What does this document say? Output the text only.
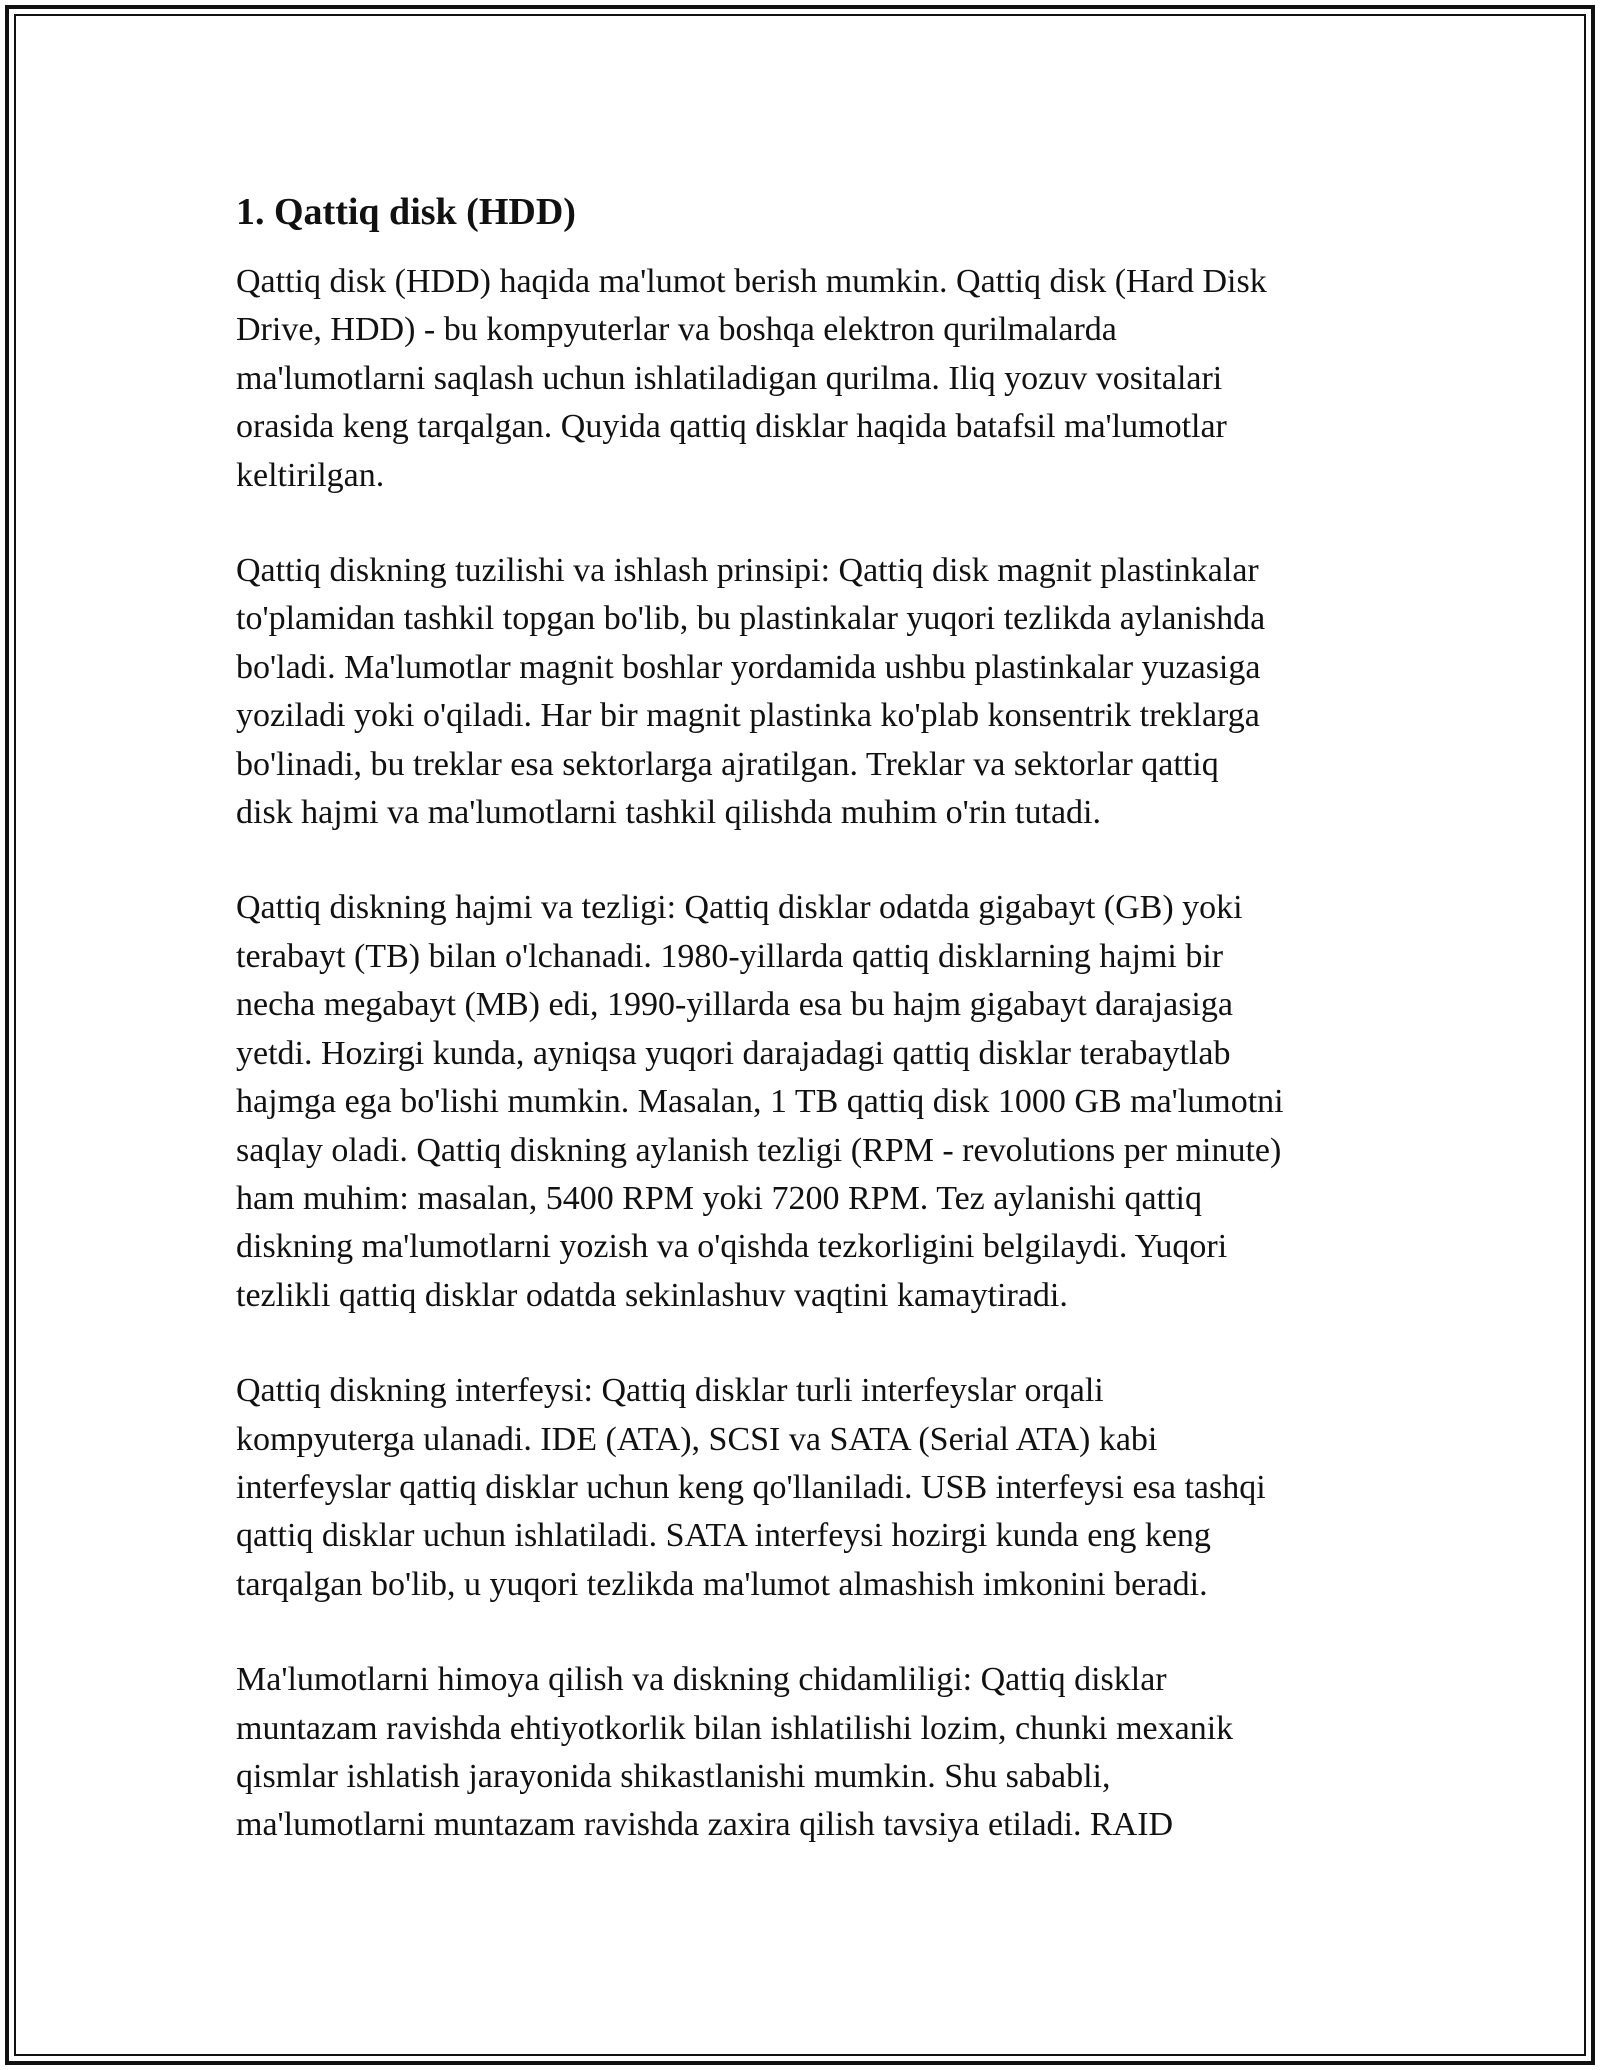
1. Qattiq disk (HDD)

Qattiq disk (HDD) haqida ma'lumot berish mumkin. Qattiq disk (Hard Disk
Drive, HDD) - bu kompyuterlar va boshqa elektron qurilmalarda
ma'lumotlarni saqlash uchun ishlatiladigan qurilma. Iliq yozuv vositalari
orasida keng tarqalgan. Quyida qattiq disklar haqida batafsil ma'lumotlar
keltirilgan.

Qattiq diskning tuzilishi va ishlash prinsipi: Qattiq disk magnit plastinkalar
to'plamidan tashkil topgan bo'lib, bu plastinkalar yuqori tezlikda aylanishda
bo'ladi. Ma'lumotlar magnit boshlar yordamida ushbu plastinkalar yuzasiga
yoziladi yoki o'qiladi. Har bir magnit plastinka ko'plab konsentrik treklarga
bo'linadi, bu treklar esa sektorlarga ajratilgan. Treklar va sektorlar qattiq
disk hajmi va ma'lumotlarni tashkil qilishda muhim o'rin tutadi.

Qattiq diskning hajmi va tezligi: Qattiq disklar odatda gigabayt (GB) yoki
terabayt (TB) bilan o'lchanadi. 1980-yillarda qattiq disklarning hajmi bir
necha megabayt (MB) edi, 1990-yillarda esa bu hajm gigabayt darajasiga
yetdi. Hozirgi kunda, ayniqsa yuqori darajadagi qattiq disklar terabaytlab
hajmga ega bo'lishi mumkin. Masalan, 1 TB qattiq disk 1000 GB ma'lumotni
saqlay oladi. Qattiq diskning aylanish tezligi (RPM - revolutions per minute)
ham muhim: masalan, 5400 RPM yoki 7200 RPM. Tez aylanishi qattiq
diskning ma'lumotlarni yozish va o'qishda tezkorligini belgilaydi. Yuqori
tezlikli qattiq disklar odatda sekinlashuv vaqtini kamaytiradi.

Qattiq diskning interfeysi: Qattiq disklar turli interfeyslar orqali
kompyuterga ulanadi. IDE (ATA), SCSI va SATA (Serial ATA) kabi
interfeyslar qattiq disklar uchun keng qo'llaniladi. USB interfeysi esa tashqi
qattiq disklar uchun ishlatiladi. SATA interfeysi hozirgi kunda eng keng
tarqalgan bo'lib, u yuqori tezlikda ma'lumot almashish imkonini beradi.

Ma'lumotlarni himoya qilish va diskning chidamliligi: Qattiq disklar
muntazam ravishda ehtiyotkorlik bilan ishlatilishi lozim, chunki mexanik
qismlar ishlatish jarayonida shikastlanishi mumkin. Shu sababli,
ma'lumotlarni muntazam ravishda zaxira qilish tavsiya etiladi. RAID
